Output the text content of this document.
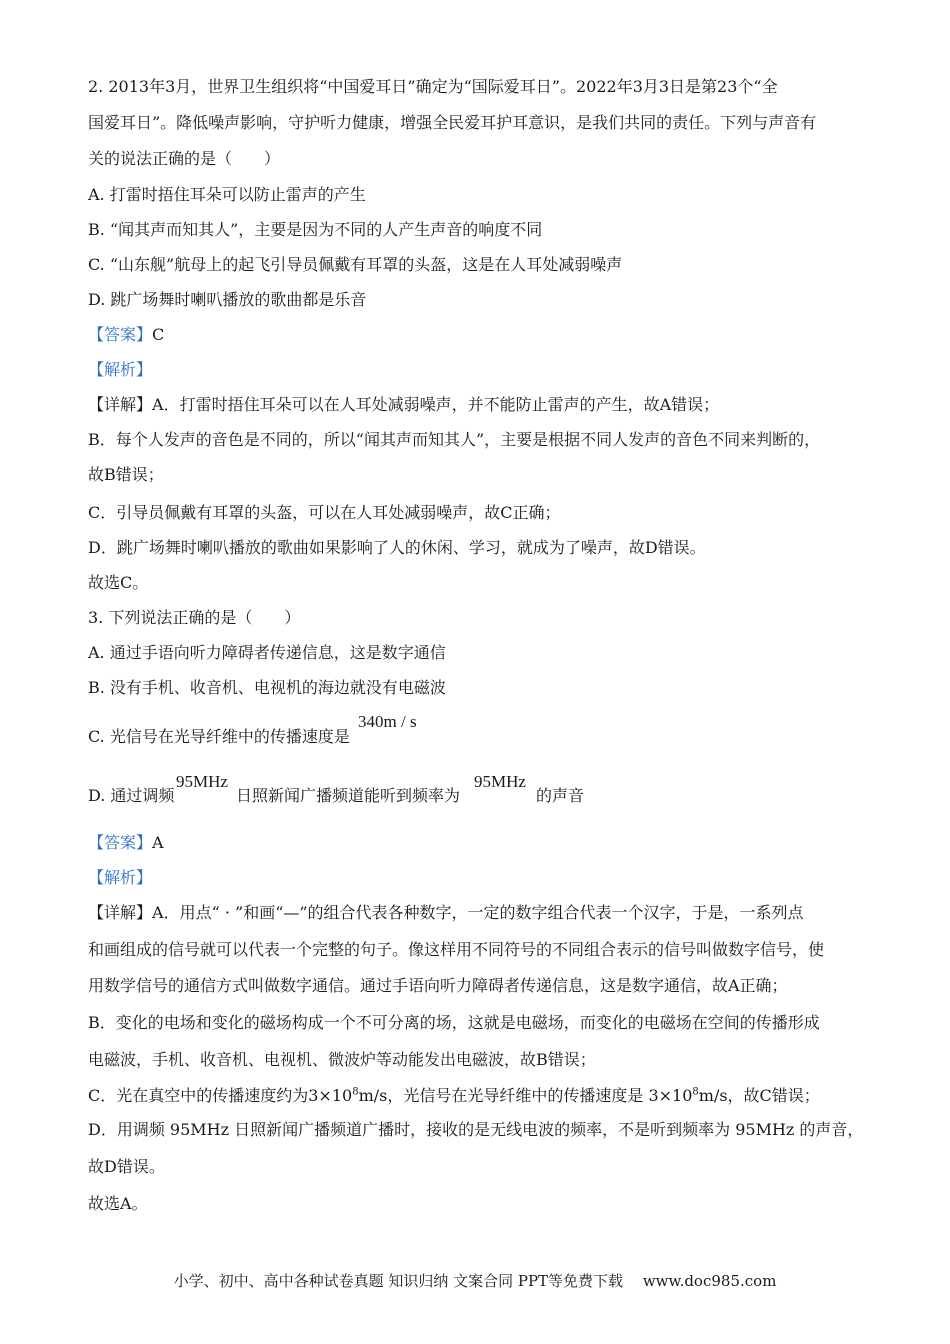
2. 2013年3月，世界卫生组织将“中国爱耳日”确定为“国际爱耳日”。2022年3月3日是第23个“全
国爱耳日”。降低噪声影响，守护听力健康，增强全民爱耳护耳意识，是我们共同的责任。下列与声音有
关的说法正确的是（　　）
A. 打雷时捂住耳朵可以防止雷声的产生
B. “闻其声而知其人”，主要是因为不同的人产生声音的响度不同
C. “山东舰”航母上的起飞引导员佩戴有耳罩的头盔，这是在人耳处减弱噪声
D. 跳广场舞时喇叭播放的歌曲都是乐音
【答案】C
【解析】
【详解】A．打雷时捂住耳朵可以在人耳处减弱噪声，并不能防止雷声的产生，故A错误；
B．每个人发声的音色是不同的，所以“闻其声而知其人”，主要是根据不同人发声的音色不同来判断的，
故B错误；
C．引导员佩戴有耳罩的头盔，可以在人耳处减弱噪声，故C正确；
D．跳广场舞时喇叭播放的歌曲如果影响了人的休闲、学习，就成为了噪声，故D错误。
故选C。
3. 下列说法正确的是（　　）
A. 通过手语向听力障碍者传递信息，这是数字通信
B. 没有手机、收音机、电视机的海边就没有电磁波
C. 光信号在光导纤维中的传播速度是
340m / s
D. 通过调频
95MHz
日照新闻广播频道能听到频率为
95MHz
的声音
【答案】A
【解析】
【详解】A．用点“ · ”和画“—”的组合代表各种数字，一定的数字组合代表一个汉字，于是，一系列点
和画组成的信号就可以代表一个完整的句子。像这样用不同符号的不同组合表示的信号叫做数字信号，使
用数学信号的通信方式叫做数字通信。通过手语向听力障碍者传递信息，这是数字通信，故A正确；
B．变化的电场和变化的磁场构成一个不可分离的场，这就是电磁场，而变化的电磁场在空间的传播形成
电磁波，手机、收音机、电视机、微波炉等动能发出电磁波，故B错误；
C．光在真空中的传播速度约为$3\times 10^8m/s$，光信号在光导纤维中的传播速度是 $3\times 10^8m/s$，故C错误；
D．用调频 95MHz 日照新闻广播频道广播时，接收的是无线电波的频率，不是听到频率为 95MHz 的声音，
故D错误。
故选A。
小学、初中、高中各种试卷真题 知识归纳 文案合同 PPT等免费下载　 www.doc985.com
